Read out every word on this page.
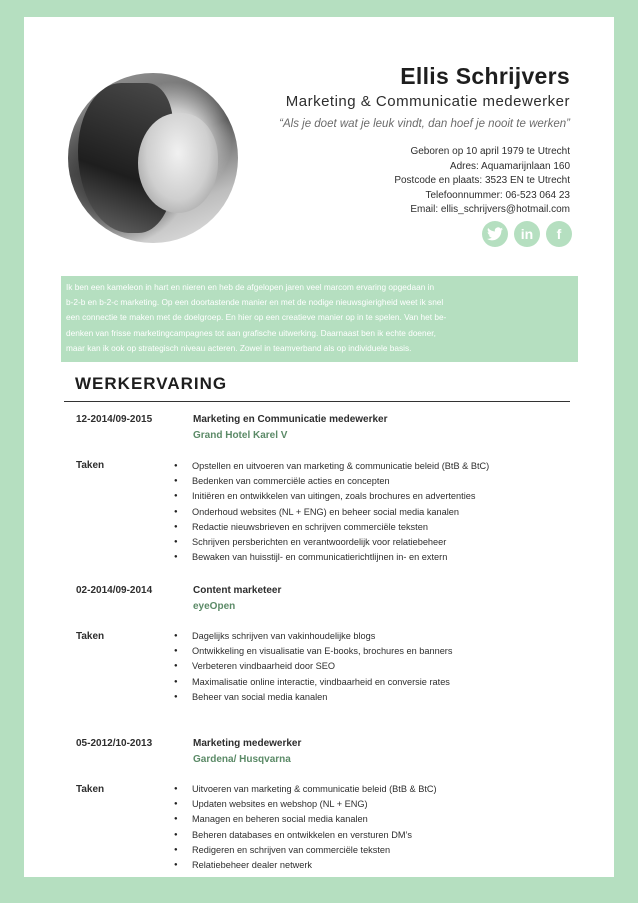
Ellis Schrijvers
Marketing & Communicatie medewerker
“Als je doet wat je leuk vindt, dan hoef je nooit te werken”
Geboren op 10 april 1979 te Utrecht
Adres: Aquamarijnlaan 160
Postcode en plaats: 3523 EN te Utrecht
Telefoonnummer: 06-523 064 23
Email: ellis_schrijvers@hotmail.com
in f

Ik ben een kameleon in hart en nieren en heb de afgelopen jaren veel marcom ervaring opgedaan in

b-2-b en b-2-c marketing. Op een doortastende manier en met de nodige nieuwsgierigheid weet ik snel

een connectie te maken met de doelgroep. En hier op een creatieve manier op in te spelen. Van het be-

denken van frisse marketingcampagnes tot aan grafische uitwerking. Daarnaast ben ik echte doener,

maar kan ik ook op strategisch niveau acteren. Zowel in teamverband als op individuele basis.

WERKERVARING
12-2014/09-2015	Marketing en Communicatie medewerker
Grand Hotel Karel V
Taken	● Opstellen en uitvoeren van marketing & communicatie beleid (BtB & BtC)
● Bedenken van commerciële acties en concepten
● Initiëren en ontwikkelen van uitingen, zoals brochures en advertenties
● Onderhoud websites (NL + ENG) en beheer social media kanalen
● Redactie nieuwsbrieven en schrijven commerciële teksten
● Schrijven persberichten en verantwoordelijk voor relatiebeheer
● Bewaken van huisstijl- en communicatierichtlijnen in- en extern
02-2014/09-2014	Content marketeer
eyeOpen
Taken	● Dagelijks schrijven van vakinhoudelijke blogs
● Ontwikkeling en visualisatie van E-books, brochures en banners
● Verbeteren vindbaarheid door SEO
● Maximalisatie online interactie, vindbaarheid en conversie rates
● Beheer van social media kanalen
05-2012/10-2013	Marketing medewerker
Gardena/ Husqvarna
Taken	● Uitvoeren van marketing & communicatie beleid (BtB & BtC)
● Updaten websites en webshop (NL + ENG)
● Managen en beheren social media kanalen
● Beheren databases en ontwikkelen en versturen DM’s
● Redigeren en schrijven van commerciële teksten
● Relatiebeheer dealer netwerk
